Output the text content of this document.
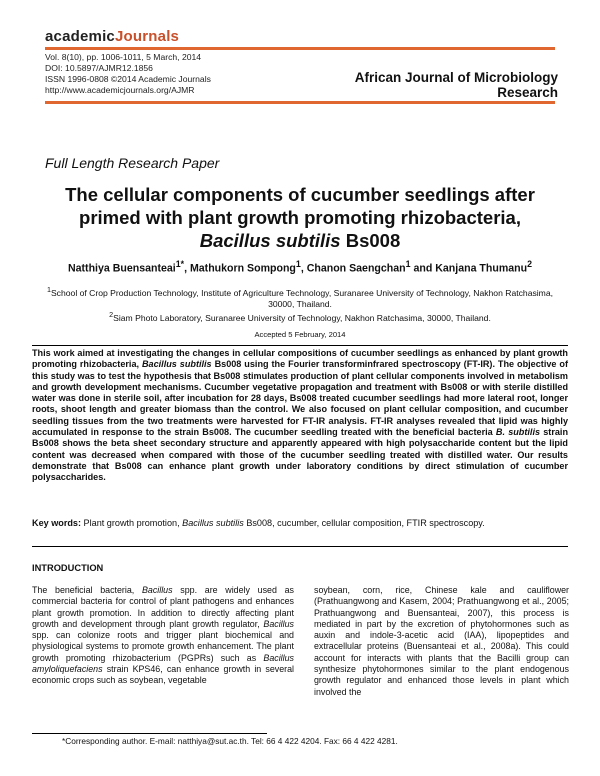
academicJournals
Vol. 8(10), pp. 1006-1011, 5 March, 2014
DOI: 10.5897/AJMR12.1856
ISSN 1996-0808 ©2014 Academic Journals
http://www.academicjournals.org/AJMR
African Journal of Microbiology Research
Full Length Research Paper
The cellular components of cucumber seedlings after
primed with plant growth promoting rhizobacteria,
Bacillus subtilis Bs008
Natthiya Buensanteai$^{1*}$, Mathukorn Sompong$^1$, Chanon Saengchan$^1$ and Kanjana Thumanu$^2$
$^1$School of Crop Production Technology, Institute of Agriculture Technology, Suranaree University of Technology, Nakhon Ratchasima, 30000, Thailand.
$^2$Siam Photo Laboratory, Suranaree University of Technology, Nakhon Ratchasima, 30000, Thailand.
Accepted 5 February, 2014
This work aimed at investigating the changes in cellular compositions of cucumber seedlings as enhanced by plant growth promoting rhizobacteria, Bacillus subtilis Bs008 using the Fourier transforminfrared spectroscopy (FT-IR). The objective of this study was to test the hypothesis that Bs008 stimulates production of plant cellular components involved in metabolism and growth development mechanisms. Cucumber vegetative propagation and treatment with Bs008 or with sterile distilled water was done in sterile soil, after incubation for 28 days, Bs008 treated cucumber seedlings had more lateral root, longer roots, shoot length and greater biomass than the control. We also focused on plant cellular composition, and cucumber seedling tissues from the two treatments were harvested for FT-IR analysis. FT-IR analyses revealed that lipid was highly accumulated in response to the strain Bs008. The cucumber seedling treated with the beneficial bacteria B. subtilis strain Bs008 shows the beta sheet secondary structure and apparently appeared with high polysaccharide content but the lipid content was decreased when compared with those of the cucumber seedling treated with distilled water. Our results demonstrate that Bs008 can enhance plant growth under laboratory conditions by direct stimulation of cucumber polysaccharides.
Key words: Plant growth promotion, Bacillus subtilis Bs008, cucumber, cellular composition, FTIR spectroscopy.
INTRODUCTION
The beneficial bacteria, Bacillus spp. are widely used as commercial bacteria for control of plant pathogens and enhances plant growth promotion. In addition to directly affecting plant growth and development through plant growth regulator, Bacillus spp. can colonize roots and trigger plant biochemical and physiological systems to promote growth enhancement. The plant growth promoting rhizobacterium (PGPRs) such as Bacillus amyloliquefaciens strain KPS46, can enhance growth in several economic crops such as soybean, vegetable
soybean, corn, rice, Chinese kale and cauliflower (Prathuangwong and Kasem, 2004; Prathuangwong et al., 2005; Prathuangwong and Buensanteai, 2007), this process is mediated in part by the excretion of phytohormones such as auxin and indole-3-acetic acid (IAA), lipopeptides and extracellular proteins (Buensanteai et al., 2008a). This could account for interacts with plants that the Bacilli group can synthesize phytohormones similar to the plant endogenous growth regulator and enhanced those levels in plant which involved the
*Corresponding author. E-mail: natthiya@sut.ac.th. Tel: 66 4 422 4204. Fax: 66 4 422 4281.
